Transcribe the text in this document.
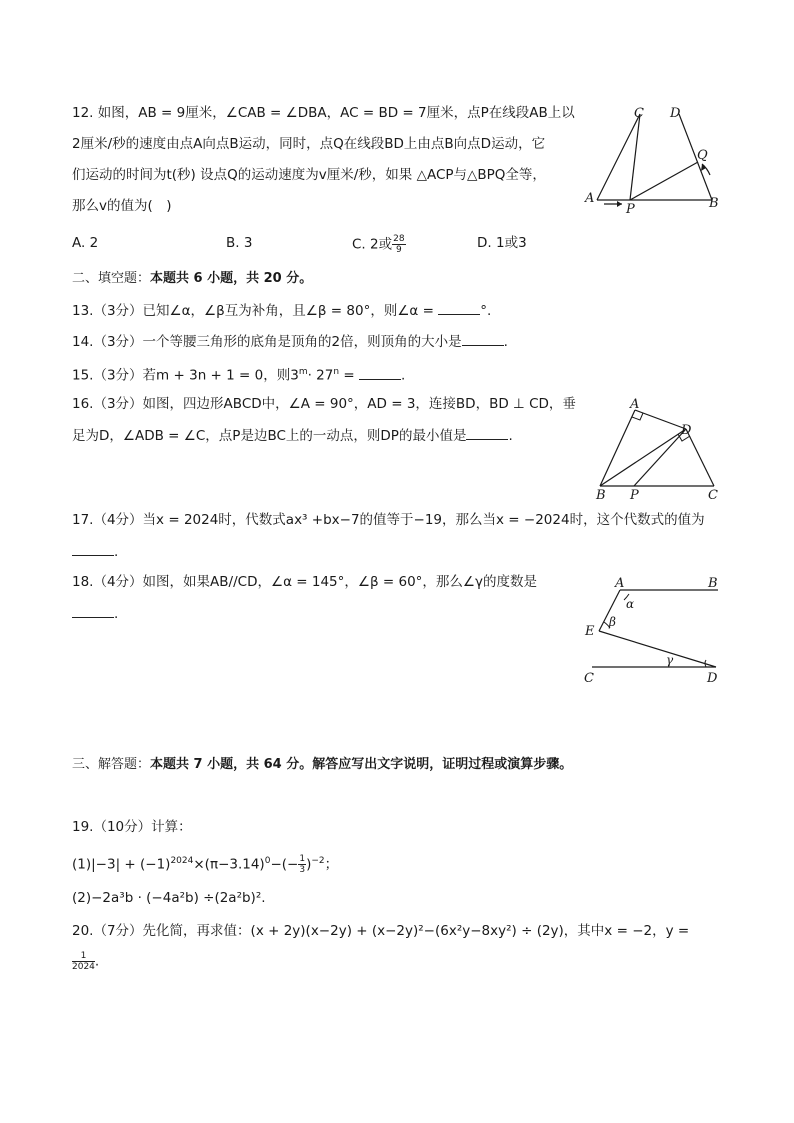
12. 如图，AB = 9厘米，∠CAB = ∠DBA，AC = BD = 7厘米，点P在线段AB上以
2厘米/秒的速度由点A向点B运动，同时，点Q在线段BD上由点B向点D运动，它
们运动的时间为t(秒) 设点Q的运动速度为v厘米/秒，如果 △ACP与△BPQ全等，
那么v的值为(　)
A. 2	B. 3	C. 2或 $\frac{28}{9}$	D. 1或3
C D
Q
A
P	B
二、填空题：本题共 6 小题，共 20 分。
13.（3分）已知∠α，∠β互为补角，且∠β = 80°，则∠α =	°.
14.（3分）一个等腰三角形的底角是顶角的2倍，则顶角的大小是	.
15.（3分）若m + 3n + 1 = 0，则$3^m\cdot 27^n$ =	.
16.（3分）如图，四边形ABCD中，∠A = 90°，AD = 3，连接BD，BD ⊥ CD，垂
足为D，∠ADB = ∠C，点P是边BC上的一动点，则DP的最小值是	.
A
D
B P	C
17.（4分）当x = 2024时，代数式ax³ +bx−7的值等于−19，那么当x = −2024时，这个代数式的值为
.
18.（4分）如图，如果AB//CD，∠α = 145°，∠β = 60°，那么∠γ的度数是
.
A	B
α
β
E
γ
C	D
三、解答题：本题共 7 小题，共 64 分。解答应写出文字说明，证明过程或演算步骤。
19.（10分）计算：
$(1)|-3| + (-1)^{2024}\times(\pi-3.14)^0-(- \frac{1}{3} )^{-2}$；
(2)−2a³b · (−4a²b) ÷(2a²b)².
20.（7分）先化简，再求值：(x + 2y)(x−2y) + (x−2y)²−(6x²y−8xy²) ÷ (2y)，其中x = −2，y =
$\frac{1}{2024}$ .
